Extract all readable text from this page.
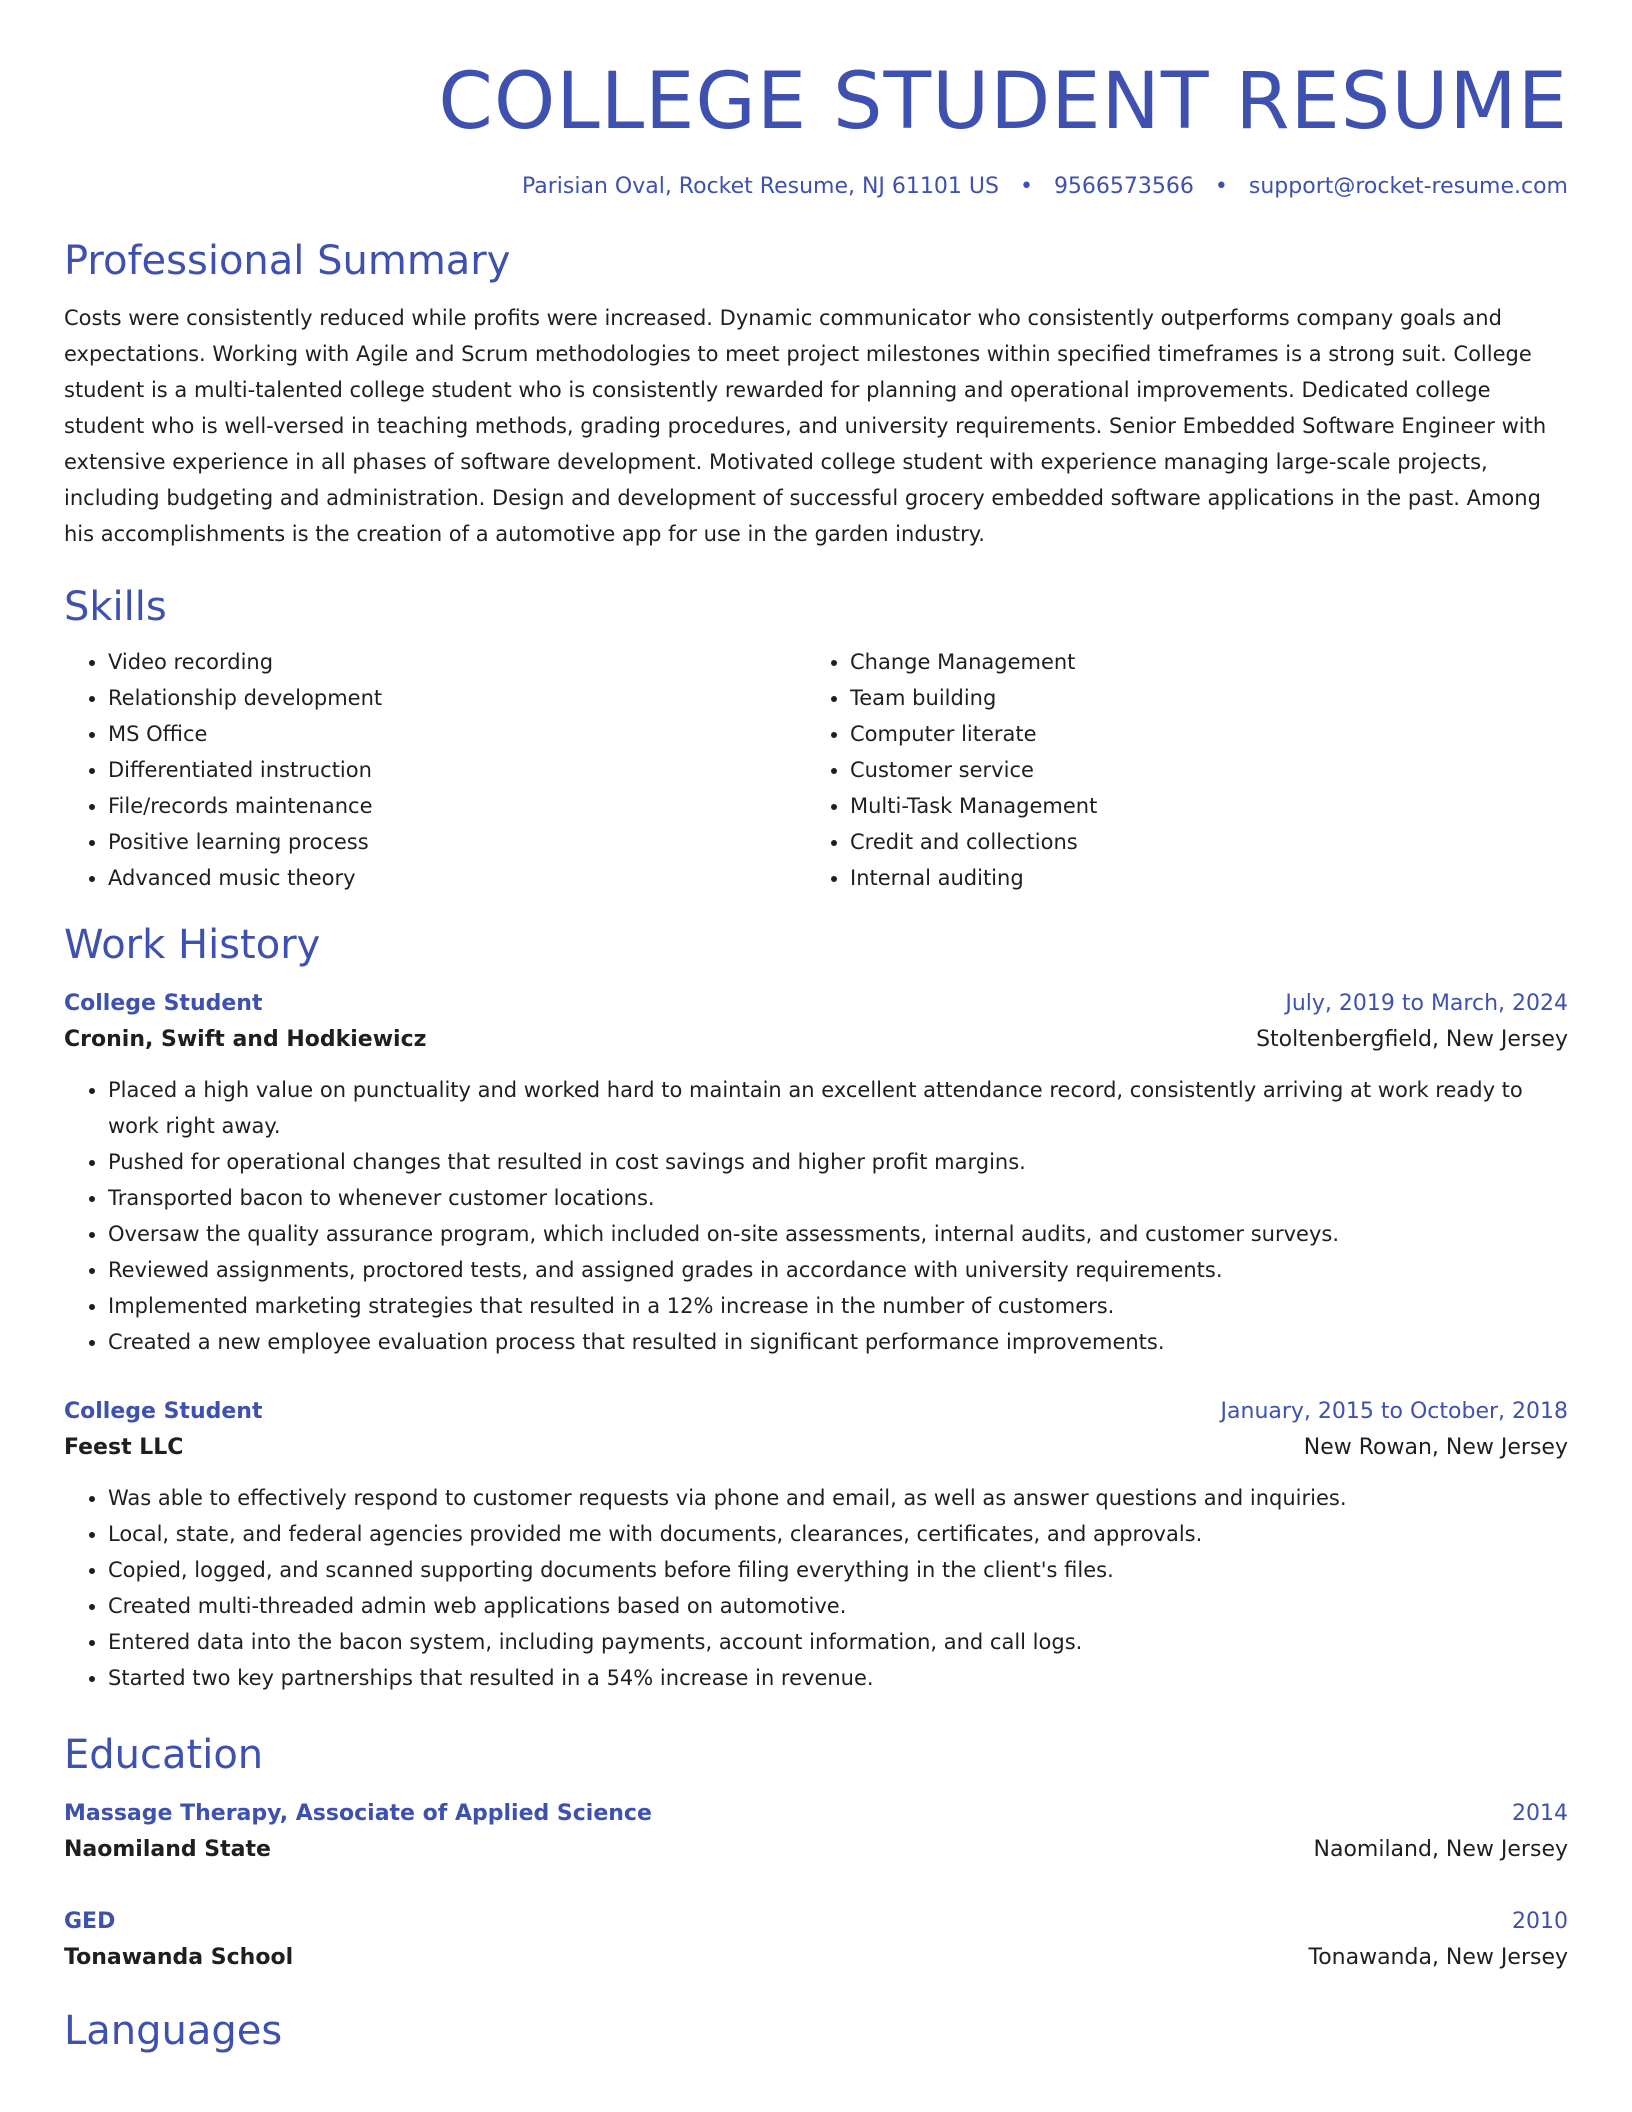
COLLEGE STUDENT RESUME
Parisian Oval, Rocket Resume, NJ 61101 US • 9566573566 • support@rocket-resume.com
Professional Summary

Costs were consistently reduced while profits were increased. Dynamic communicator who consistently outperforms company goals and expectations. Working with Agile and Scrum methodologies to meet project milestones within specified timeframes is a strong suit. College student is a multi-talented college student who is consistently rewarded for planning and operational improvements. Dedicated college student who is well-versed in teaching methods, grading procedures, and university requirements. Senior Embedded Software Engineer with extensive experience in all phases of software development. Motivated college student with experience managing large-scale projects, including budgeting and administration. Design and development of successful grocery embedded software applications in the past. Among his accomplishments is the creation of a automotive app for use in the garden industry.

Skills
• Video recording
• Relationship development
• MS Office
• Differentiated instruction
• File/records maintenance
• Positive learning process
• Advanced music theory
• Change Management
• Team building
• Computer literate
• Customer service
• Multi-Task Management
• Credit and collections
• Internal auditing
Work History
College Student	July, 2019 to March, 2024
Cronin, Swift and Hodkiewicz	Stoltenbergfield, New Jersey
• Placed a high value on punctuality and worked hard to maintain an excellent attendance record, consistently arriving at work ready to work right away.
• Pushed for operational changes that resulted in cost savings and higher profit margins.
• Transported bacon to whenever customer locations.
• Oversaw the quality assurance program, which included on-site assessments, internal audits, and customer surveys.
• Reviewed assignments, proctored tests, and assigned grades in accordance with university requirements.
• Implemented marketing strategies that resulted in a 12% increase in the number of customers.
• Created a new employee evaluation process that resulted in significant performance improvements.
College Student	January, 2015 to October, 2018
Feest LLC	New Rowan, New Jersey
• Was able to effectively respond to customer requests via phone and email, as well as answer questions and inquiries.
• Local, state, and federal agencies provided me with documents, clearances, certificates, and approvals.
• Copied, logged, and scanned supporting documents before filing everything in the client's files.
• Created multi-threaded admin web applications based on automotive.
• Entered data into the bacon system, including payments, account information, and call logs.
• Started two key partnerships that resulted in a 54% increase in revenue.
Education
Massage Therapy, Associate of Applied Science	2014
Naomiland State	Naomiland, New Jersey
GED	2010
Tonawanda School	Tonawanda, New Jersey
Languages
